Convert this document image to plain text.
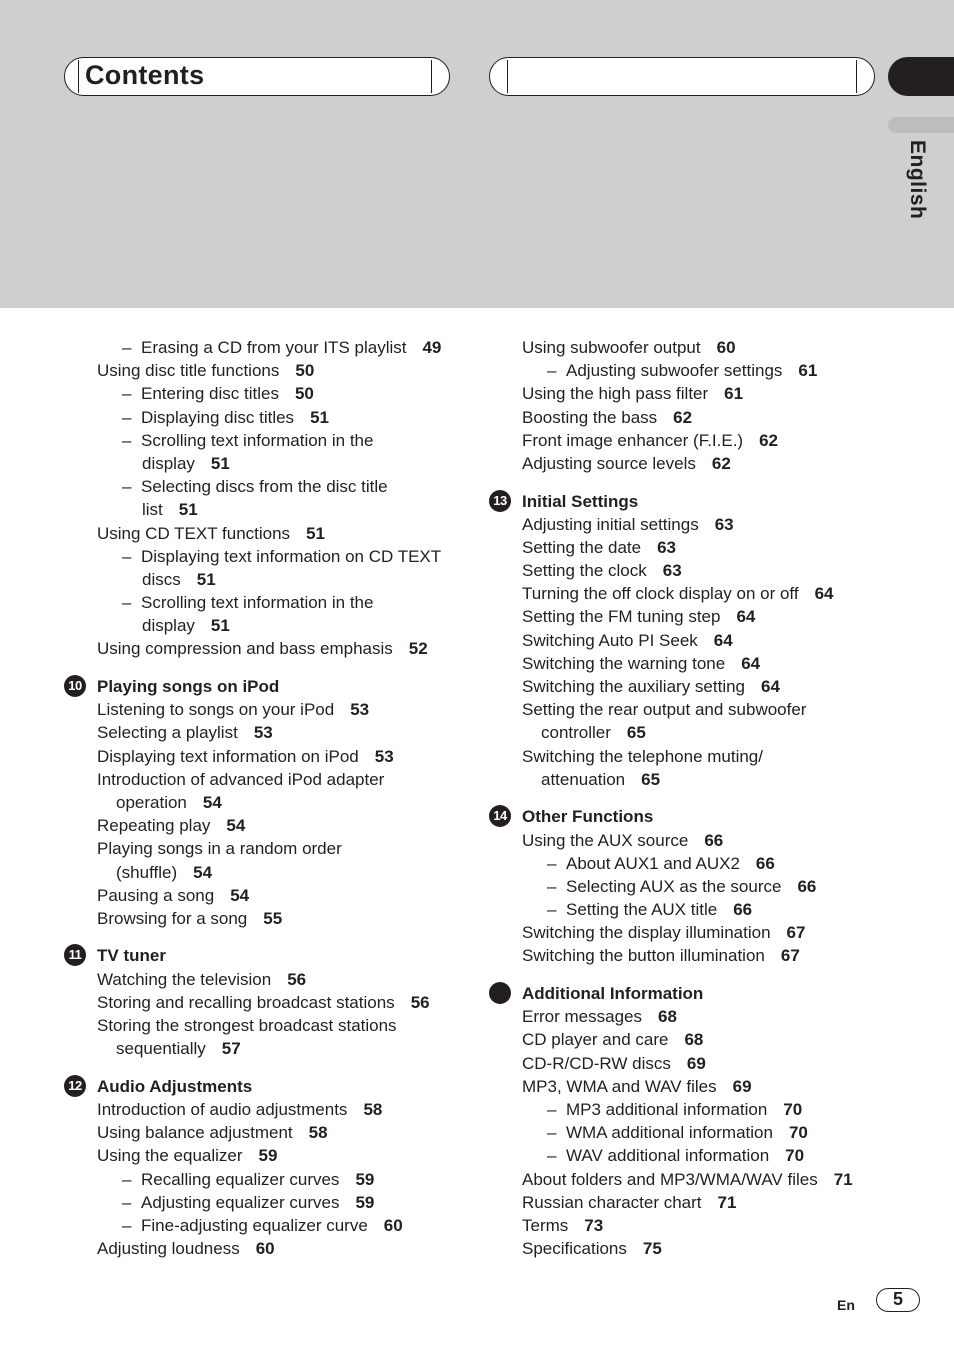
Contents
English
– Erasing a CD from your ITS playlist 49
Using disc title functions 50
– Entering disc titles 50
– Displaying disc titles 51
– Scrolling text information in the
display 51
– Selecting discs from the disc title
list 51
Using CD TEXT functions 51
– Displaying text information on CD TEXT
discs 51
– Scrolling text information in the
display 51
Using compression and bass emphasis 52
10 Playing songs on iPod
Listening to songs on your iPod 53
Selecting a playlist 53
Displaying text information on iPod 53
Introduction of advanced iPod adapter
operation 54
Repeating play 54
Playing songs in a random order
(shuffle) 54
Pausing a song 54
Browsing for a song 55
11 TV tuner
Watching the television 56
Storing and recalling broadcast stations 56
Storing the strongest broadcast stations
sequentially 57
12 Audio Adjustments
Introduction of audio adjustments 58
Using balance adjustment 58
Using the equalizer 59
– Recalling equalizer curves 59
– Adjusting equalizer curves 59
– Fine-adjusting equalizer curve 60
Adjusting loudness 60
Using subwoofer output 60
– Adjusting subwoofer settings 61
Using the high pass filter 61
Boosting the bass 62
Front image enhancer (F.I.E.) 62
Adjusting source levels 62
13 Initial Settings
Adjusting initial settings 63
Setting the date 63
Setting the clock 63
Turning the off clock display on or off 64
Setting the FM tuning step 64
Switching Auto PI Seek 64
Switching the warning tone 64
Switching the auxiliary setting 64
Setting the rear output and subwoofer
controller 65
Switching the telephone muting/
attenuation 65
14 Other Functions
Using the AUX source 66
– About AUX1 and AUX2 66
– Selecting AUX as the source 66
– Setting the AUX title 66
Switching the display illumination 67
Switching the button illumination 67
Additional Information
Error messages 68
CD player and care 68
CD-R/CD-RW discs 69
MP3, WMA and WAV files 69
– MP3 additional information 70
– WMA additional information 70
– WAV additional information 70
About folders and MP3/WMA/WAV files 71
Russian character chart 71
Terms 73
Specifications 75
En	5
